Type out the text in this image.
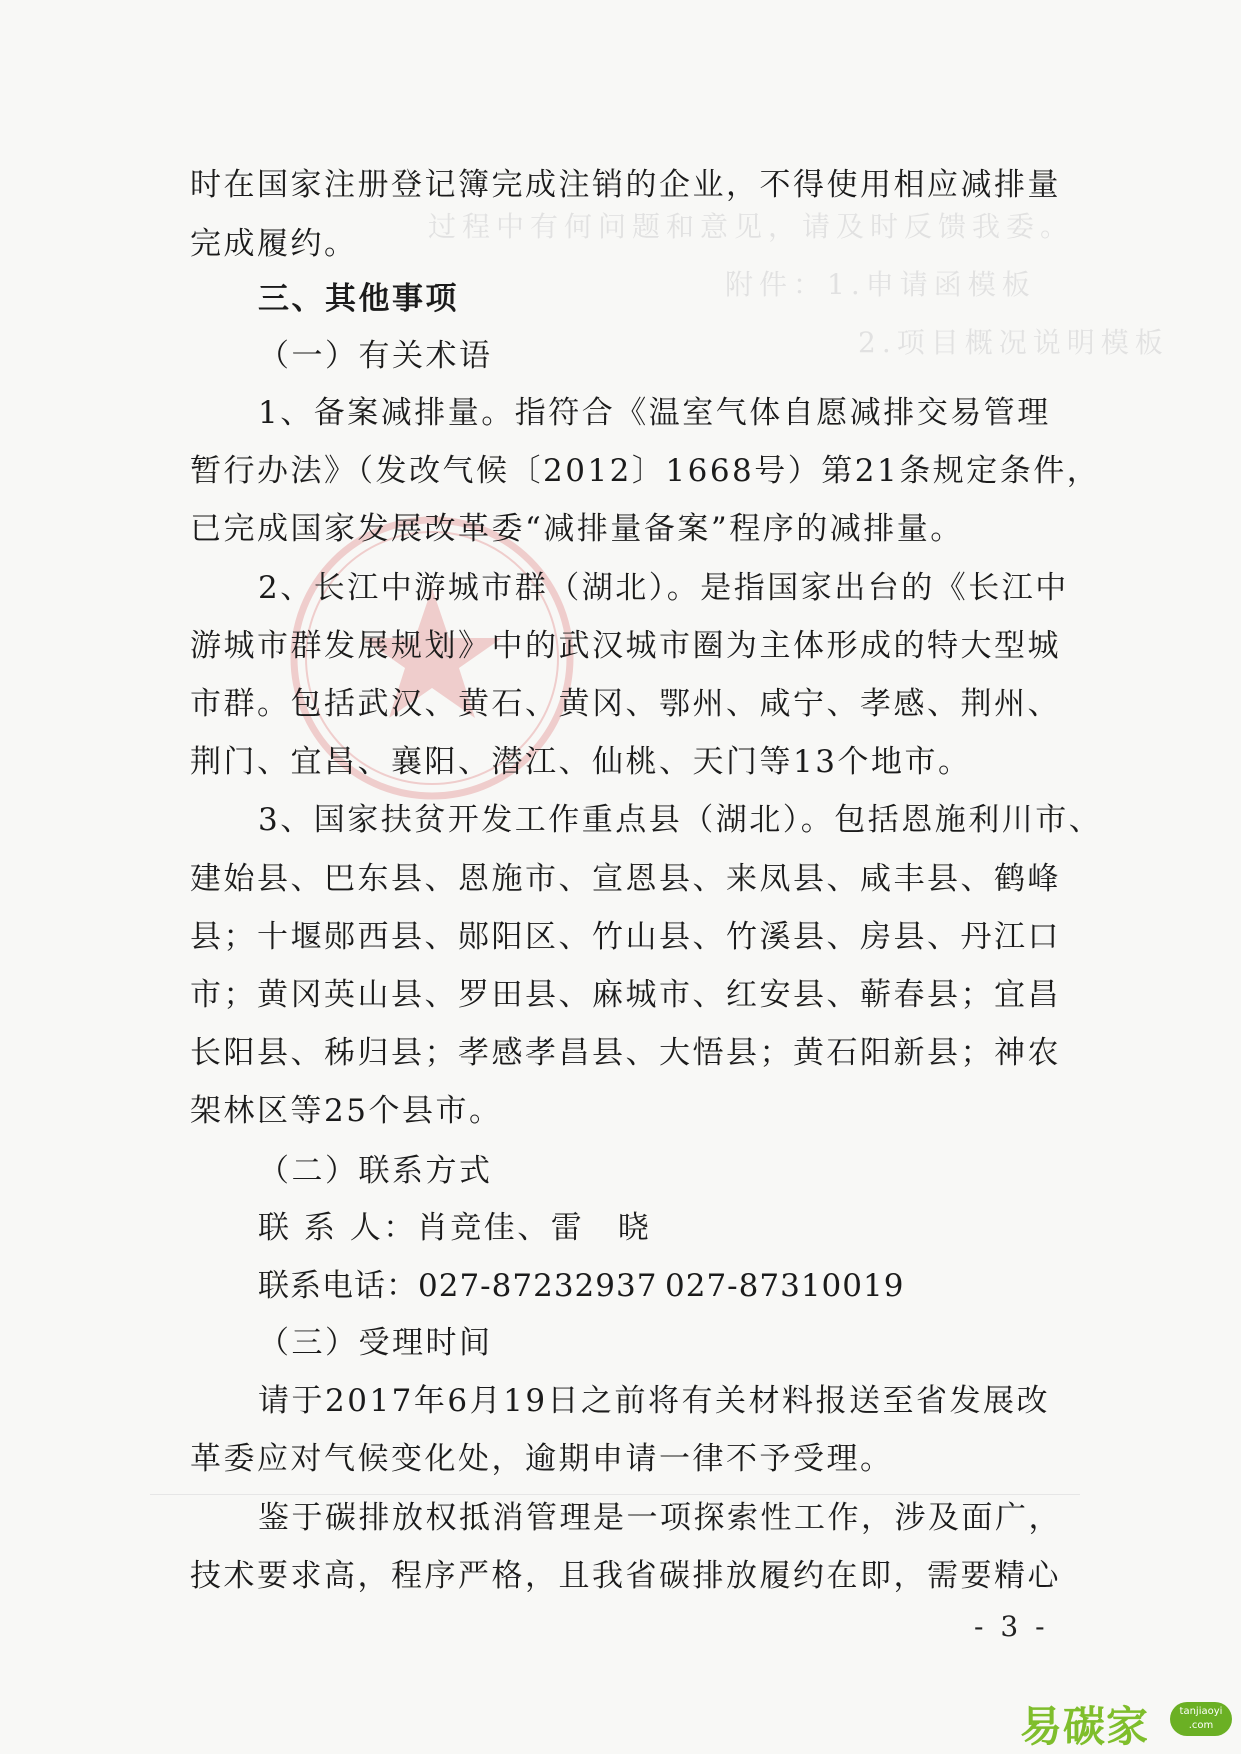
过程中有何问题和意见，请及时反馈我委。
附件：1.申请函模板
2.项目概况说明模板
时在国家注册登记簿完成注销的企业，不得使用相应减排量
完成履约。
三、其他事项
（一）有关术语
1、备案减排量。指符合《温室气体自愿减排交易管理
暂行办法》（发改气候〔2012〕1668号）第21条规定条件，
已完成国家发展改革委“减排量备案”程序的减排量。
2、长江中游城市群（湖北）。是指国家出台的《长江中
游城市群发展规划》中的武汉城市圈为主体形成的特大型城
市群。包括武汉、黄石、黄冈、鄂州、咸宁、孝感、荆州、
荆门、宜昌、襄阳、潜江、仙桃、天门等13个地市。
3、国家扶贫开发工作重点县（湖北）。包括恩施利川市、
建始县、巴东县、恩施市、宣恩县、来凤县、咸丰县、鹤峰
县；十堰郧西县、郧阳区、竹山县、竹溪县、房县、丹江口
市；黄冈英山县、罗田县、麻城市、红安县、蕲春县；宜昌
长阳县、秭归县；孝感孝昌县、大悟县；黄石阳新县；神农
架林区等25个县市。
（二）联系方式
联 系 人：肖竞佳、雷　晓
联系电话：027-87232937 027-87310019
（三）受理时间
请于2017年6月19日之前将有关材料报送至省发展改
革委应对气候变化处，逾期申请一律不予受理。
鉴于碳排放权抵消管理是一项探索性工作，涉及面广，
技术要求高，程序严格，且我省碳排放履约在即，需要精心
- 3 -
易碳家	tanjiaoyi .com
